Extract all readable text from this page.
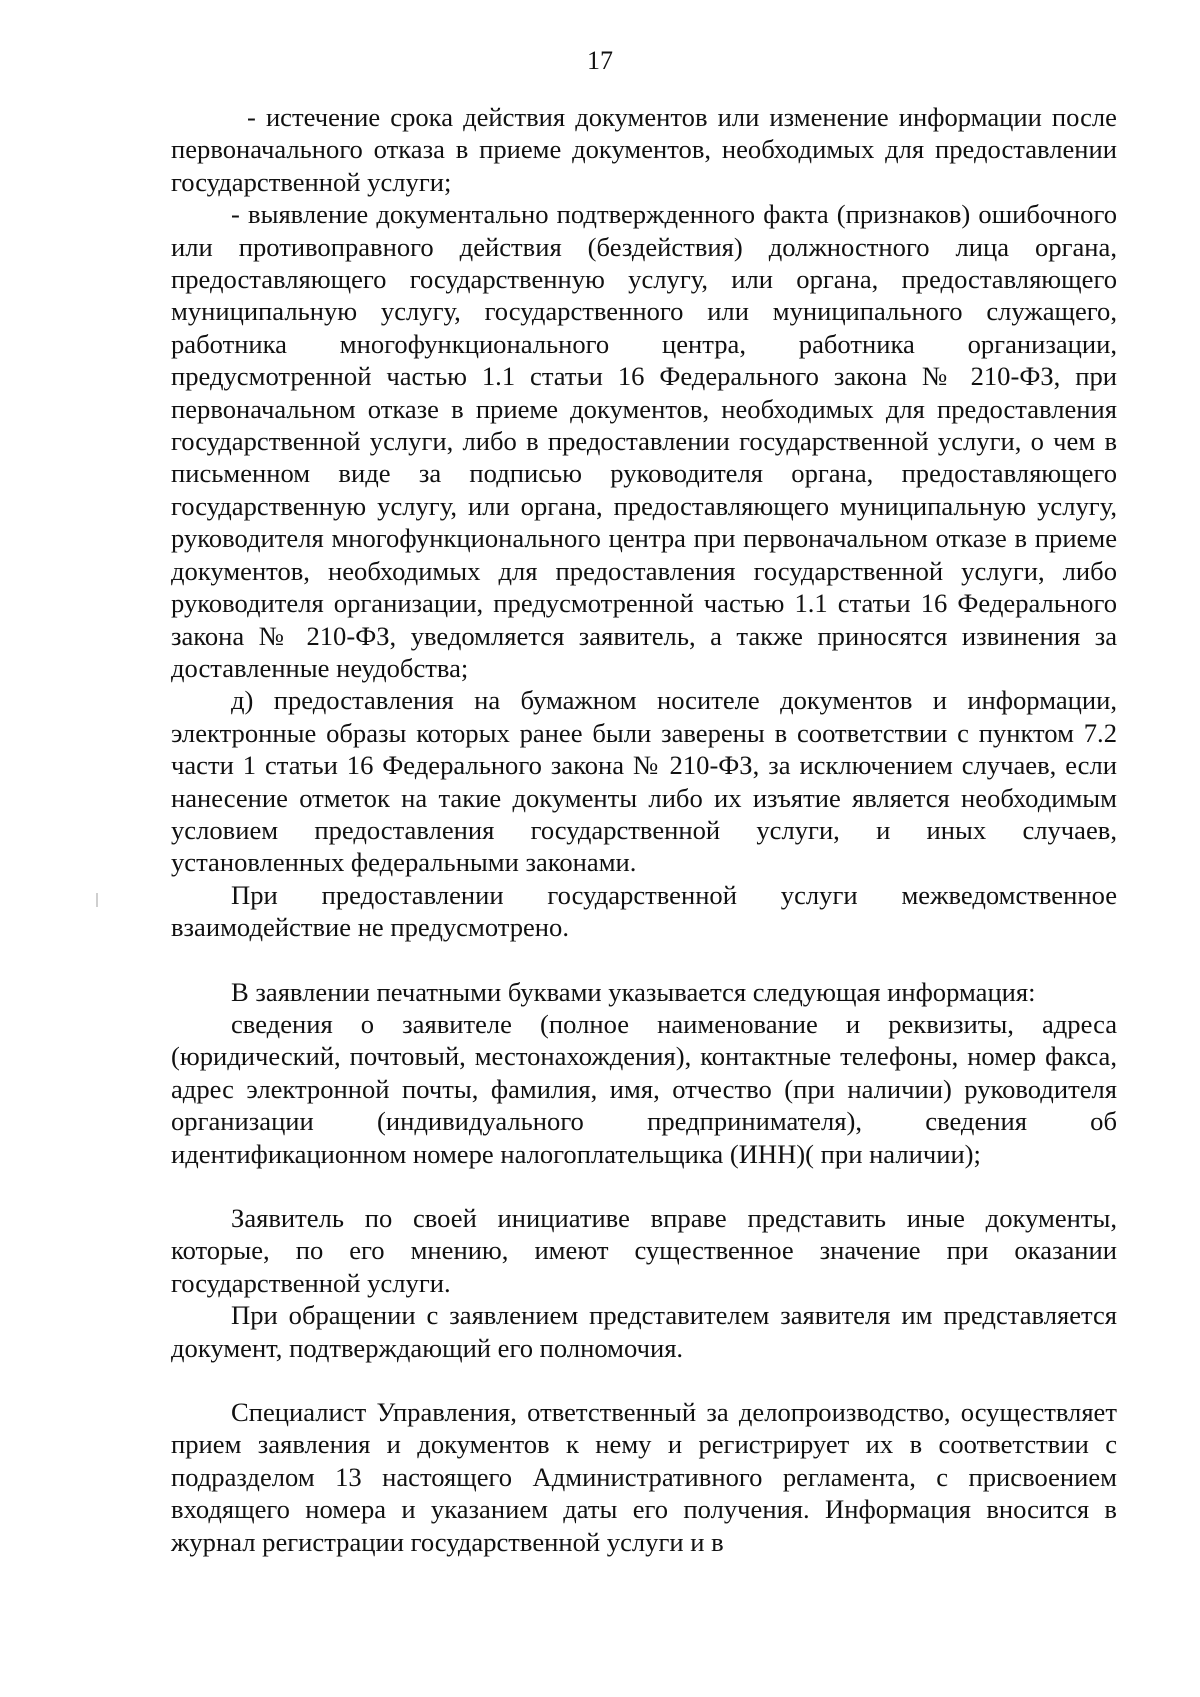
17

- истечение срока действия документов или изменение информации после первоначального отказа в приеме документов, необходимых для предоставлении государственной услуги;

- выявление документально подтвержденного факта (признаков) ошибочного или противоправного действия (бездействия) должностного лица органа, предоставляющего государственную услугу, или органа, предоставляющего муниципальную услугу, государственного или муниципального служащего, работника многофункционального центра, работника организации, предусмотренной частью 1.1 статьи 16 Федерального закона № 210-ФЗ, при первоначальном отказе в приеме документов, необходимых для предоставления государственной услуги, либо в предоставлении государственной услуги, о чем в письменном виде за подписью руководителя органа, предоставляющего государственную услугу, или органа, предоставляющего муниципальную услугу, руководителя многофункционального центра при первоначальном отказе в приеме документов, необходимых для предоставления государственной услуги, либо руководителя организации, предусмотренной частью 1.1 статьи 16 Федерального закона № 210-ФЗ, уведомляется заявитель, а также приносятся извинения за доставленные неудобства;

д) предоставления на бумажном носителе документов и информации, электронные образы которых ранее были заверены в соответствии с пунктом 7.2 части 1 статьи 16 Федерального закона № 210-ФЗ, за исключением случаев, если нанесение отметок на такие документы либо их изъятие является необходимым условием предоставления государственной услуги, и иных случаев, установленных федеральными законами.

При предоставлении государственной услуги межведомственное взаимодействие не предусмотрено.

В заявлении печатными буквами указывается следующая информация:

сведения о заявителе (полное наименование и реквизиты, адреса (юридический, почтовый, местонахождения), контактные телефоны, номер факса, адрес электронной почты, фамилия, имя, отчество (при наличии) руководителя организации (индивидуального предпринимателя), сведения об идентификационном номере налогоплательщика (ИНН)( при наличии);

Заявитель по своей инициативе вправе представить иные документы, которые, по его мнению, имеют существенное значение при оказании государственной услуги.

При обращении с заявлением представителем заявителя им представляется документ, подтверждающий его полномочия.

Специалист Управления, ответственный за делопроизводство, осуществляет прием заявления и документов к нему и регистрирует их в соответствии с подразделом 13 настоящего Административного регламента, с присвоением входящего номера и указанием даты его получения. Информация вносится в журнал регистрации государственной услуги и в
